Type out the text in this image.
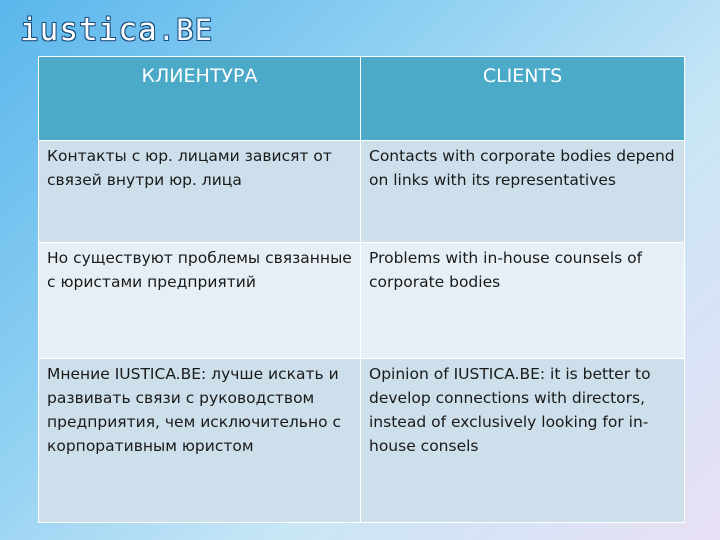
iustica .BE
КЛИЕНТУРА	CLIENTS
Контакты с юр. лицами зависят от связей внутри юр. лица	Contacts with corporate bodies depend on links with its representatives
Но существуют проблемы связанные с юристами предприятий	Problems with in-house counsels of corporate bodies
Мнение IUSTICA.BE: лучше искать и развивать связи с руководством предприятия, чем исключительно с корпоративным юристом	Opinion of IUSTICA.BE: it is better to develop connections with directors, instead of exclusively looking for in-house consels
